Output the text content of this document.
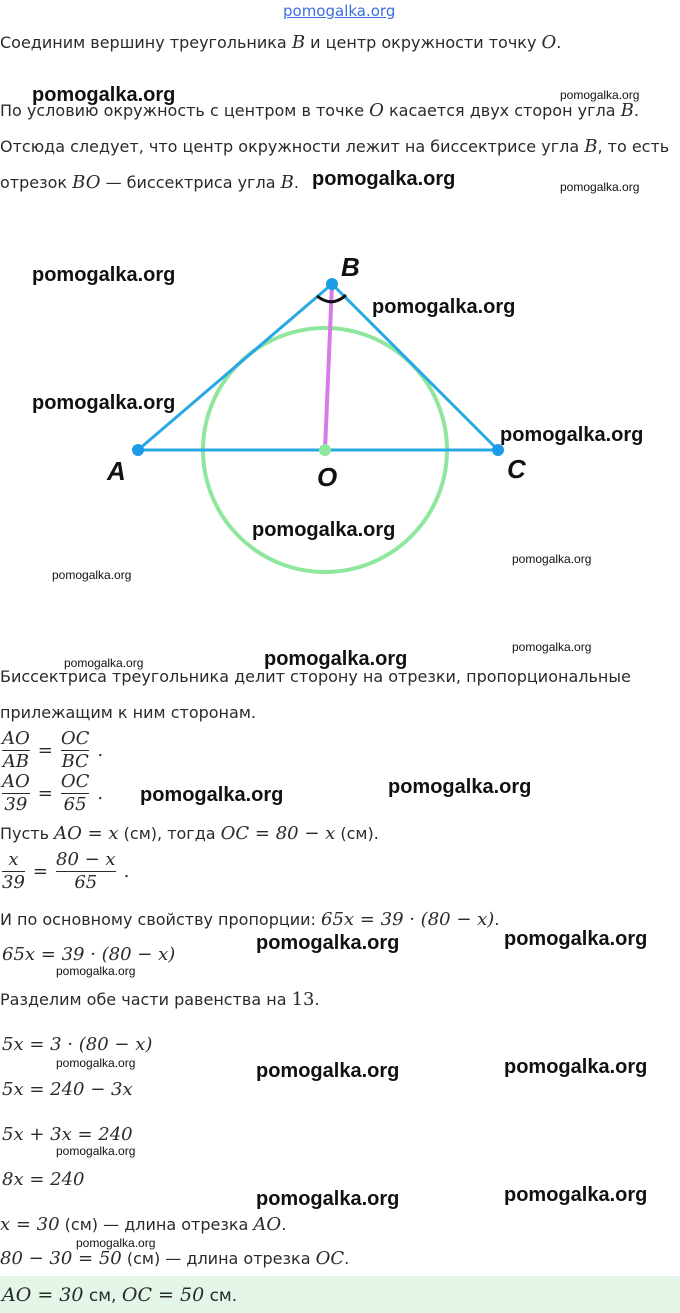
pomogalka.org
Соединим вершину треугольника B и центр окружности точку O.
По условию окружность с центром в точке O касается двух сторон угла B.
Отсюда следует, что центр окружности лежит на биссектрисе угла B, то есть
отрезок BO — биссектриса угла B.
A
B
C
O
Биссектриса треугольника делит сторону на отрезки, пропорциональные
прилежащим к ним сторонам.
$\frac{AO}{AB} = \frac{OC}{BC}$ .
$\frac{AO}{39} = \frac{OC}{65}$ .
Пусть AO = x (см), тогда OC = 80 − x (см).
$\frac{x}{39} = \frac{80 - x}{65}$ .
И по основному свойству пропорции: 65x = 39 · (80 − x).
65x = 39 · (80 − x)
Разделим обе части равенства на 13.
5x = 3 · (80 − x)
5x = 240 − 3x
5x + 3x = 240
8x = 240
x = 30 (см) — длина отрезка AO.
80 − 30 = 50 (см) — длина отрезка OC.
AO = 30 см, OC = 50 см.
pomogalka.org
pomogalka.org
pomogalka.org
pomogalka.org
pomogalka.org
pomogalka.org
pomogalka.org
pomogalka.org
pomogalka.org
pomogalka.org
pomogalka.org	pomogalka.org
pomogalka.org	pomogalka.org
pomogalka.org	pomogalka.org
pomogalka.org
pomogalka.org
pomogalka.org
pomogalka.org
pomogalka.org
pomogalka.org
pomogalka.org
pomogalka.org
pomogalka.org
pomogalka.org
